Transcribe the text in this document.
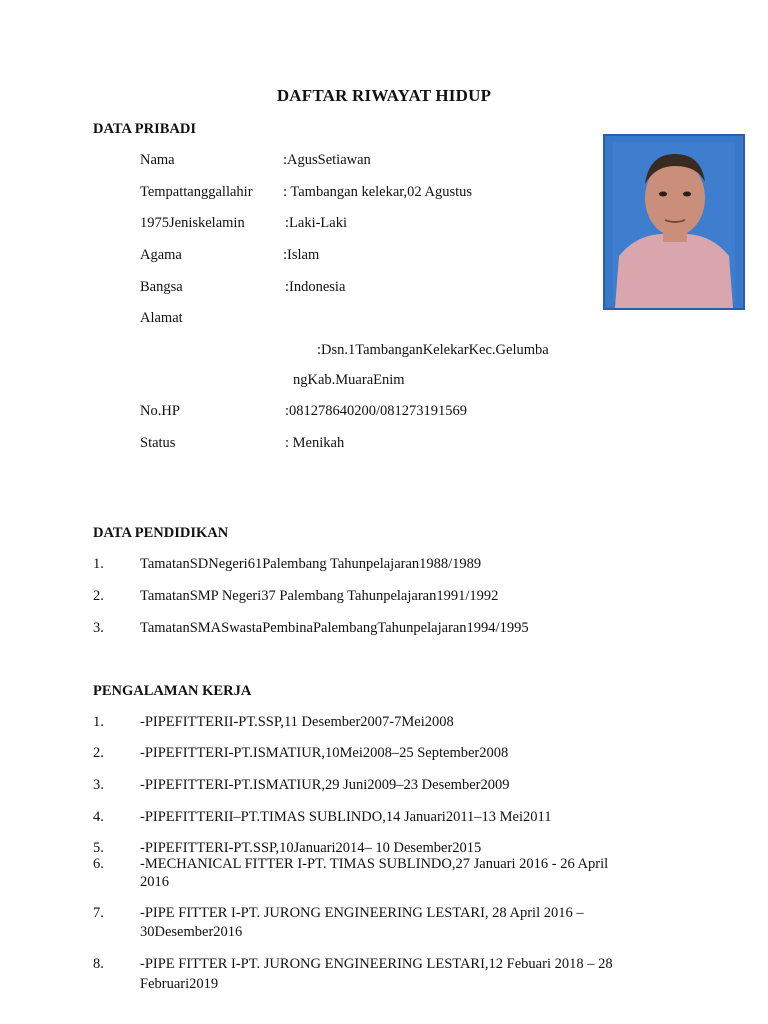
DAFTAR RIWAYAT HIDUP
DATA PRIBADI
Nama	:AgusSetiawan
Tempattanggallahir : Tambangan kelekar,02 Agustus
1975Jeniskelamin	:Laki-Laki
Agama	:Islam
Bangsa	:Indonesia
Alamat
:Dsn.1TambanganKelekarKec.Gelumba
ngKab.MuaraEnim
No.HP	:081278640200/081273191569
Status	: Menikah
DATA PENDIDIKAN
1. TamatanSDNegeri61Palembang Tahunpelajaran1988/1989
2. TamatanSMP Negeri37 Palembang Tahunpelajaran1991/1992
3. TamatanSMASwastaPembinaPalembangTahunpelajaran1994/1995
PENGALAMAN KERJA
1. -PIPEFITTERII-PT.SSP,11 Desember2007-7Mei2008
2. -PIPEFITTERI-PT.ISMATIUR,10Mei2008–25 September2008
3. -PIPEFITTERI-PT.ISMATIUR,29 Juni2009–23 Desember2009
4. -PIPEFITTERII–PT.TIMAS SUBLINDO,14 Januari2011–13 Mei2011
5. -PIPEFITTERI-PT.SSP,10Januari2014– 10 Desember2015
6. -MECHANICAL FITTER I-PT. TIMAS SUBLINDO,27 Januari 2016 - 26 April
2016
7. -PIPE FITTER I-PT. JURONG ENGINEERING LESTARI, 28 April 2016 –
30Desember2016
8. -PIPE FITTER I-PT. JURONG ENGINEERING LESTARI,12 Febuari 2018 – 28
Februari2019
